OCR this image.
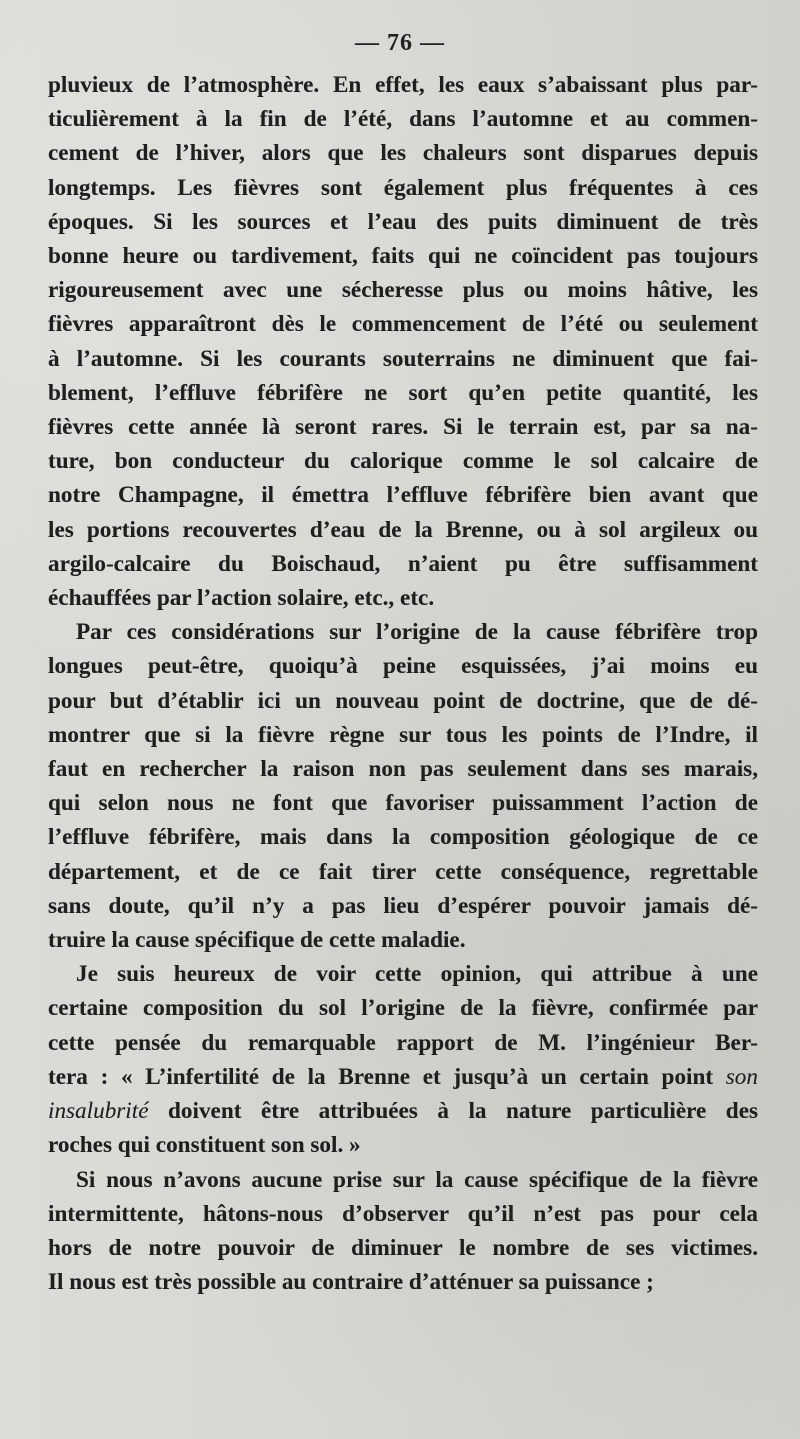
— 76 —
pluvieux de l’atmosphère. En effet, les eaux s’abaissant plus par-
ticulièrement à la fin de l’été, dans l’automne et au commen-
cement de l’hiver, alors que les chaleurs sont disparues depuis
longtemps. Les fièvres sont également plus fréquentes à ces
époques. Si les sources et l’eau des puits diminuent de très
bonne heure ou tardivement, faits qui ne coïncident pas toujours
rigoureusement avec une sécheresse plus ou moins hâtive, les
fièvres apparaîtront dès le commencement de l’été ou seulement
à l’automne. Si les courants souterrains ne diminuent que fai-
blement, l’effluve fébrifère ne sort qu’en petite quantité, les
fièvres cette année là seront rares. Si le terrain est, par sa na-
ture, bon conducteur du calorique comme le sol calcaire de
notre Champagne, il émettra l’effluve fébrifère bien avant que
les portions recouvertes d’eau de la Brenne, ou à sol argileux ou
argilo-calcaire du Boischaud, n’aient pu être suffisamment
échauffées par l’action solaire, etc., etc.
Par ces considérations sur l’origine de la cause fébrifère trop
longues peut-être, quoiqu’à peine esquissées, j’ai moins eu
pour but d’établir ici un nouveau point de doctrine, que de dé-
montrer que si la fièvre règne sur tous les points de l’Indre, il
faut en rechercher la raison non pas seulement dans ses marais,
qui selon nous ne font que favoriser puissamment l’action de
l’effluve fébrifère, mais dans la composition géologique de ce
département, et de ce fait tirer cette conséquence, regrettable
sans doute, qu’il n’y a pas lieu d’espérer pouvoir jamais dé-
truire la cause spécifique de cette maladie.
Je suis heureux de voir cette opinion, qui attribue à une
certaine composition du sol l’origine de la fièvre, confirmée par
cette pensée du remarquable rapport de M. l’ingénieur Ber-
tera : « L’infertilité de la Brenne et jusqu’à un certain point son
insalubrité doivent être attribuées à la nature particulière des
roches qui constituent son sol. »
Si nous n’avons aucune prise sur la cause spécifique de la fièvre
intermittente, hâtons-nous d’observer qu’il n’est pas pour cela
hors de notre pouvoir de diminuer le nombre de ses victimes.
Il nous est très possible au contraire d’atténuer sa puissance ;
